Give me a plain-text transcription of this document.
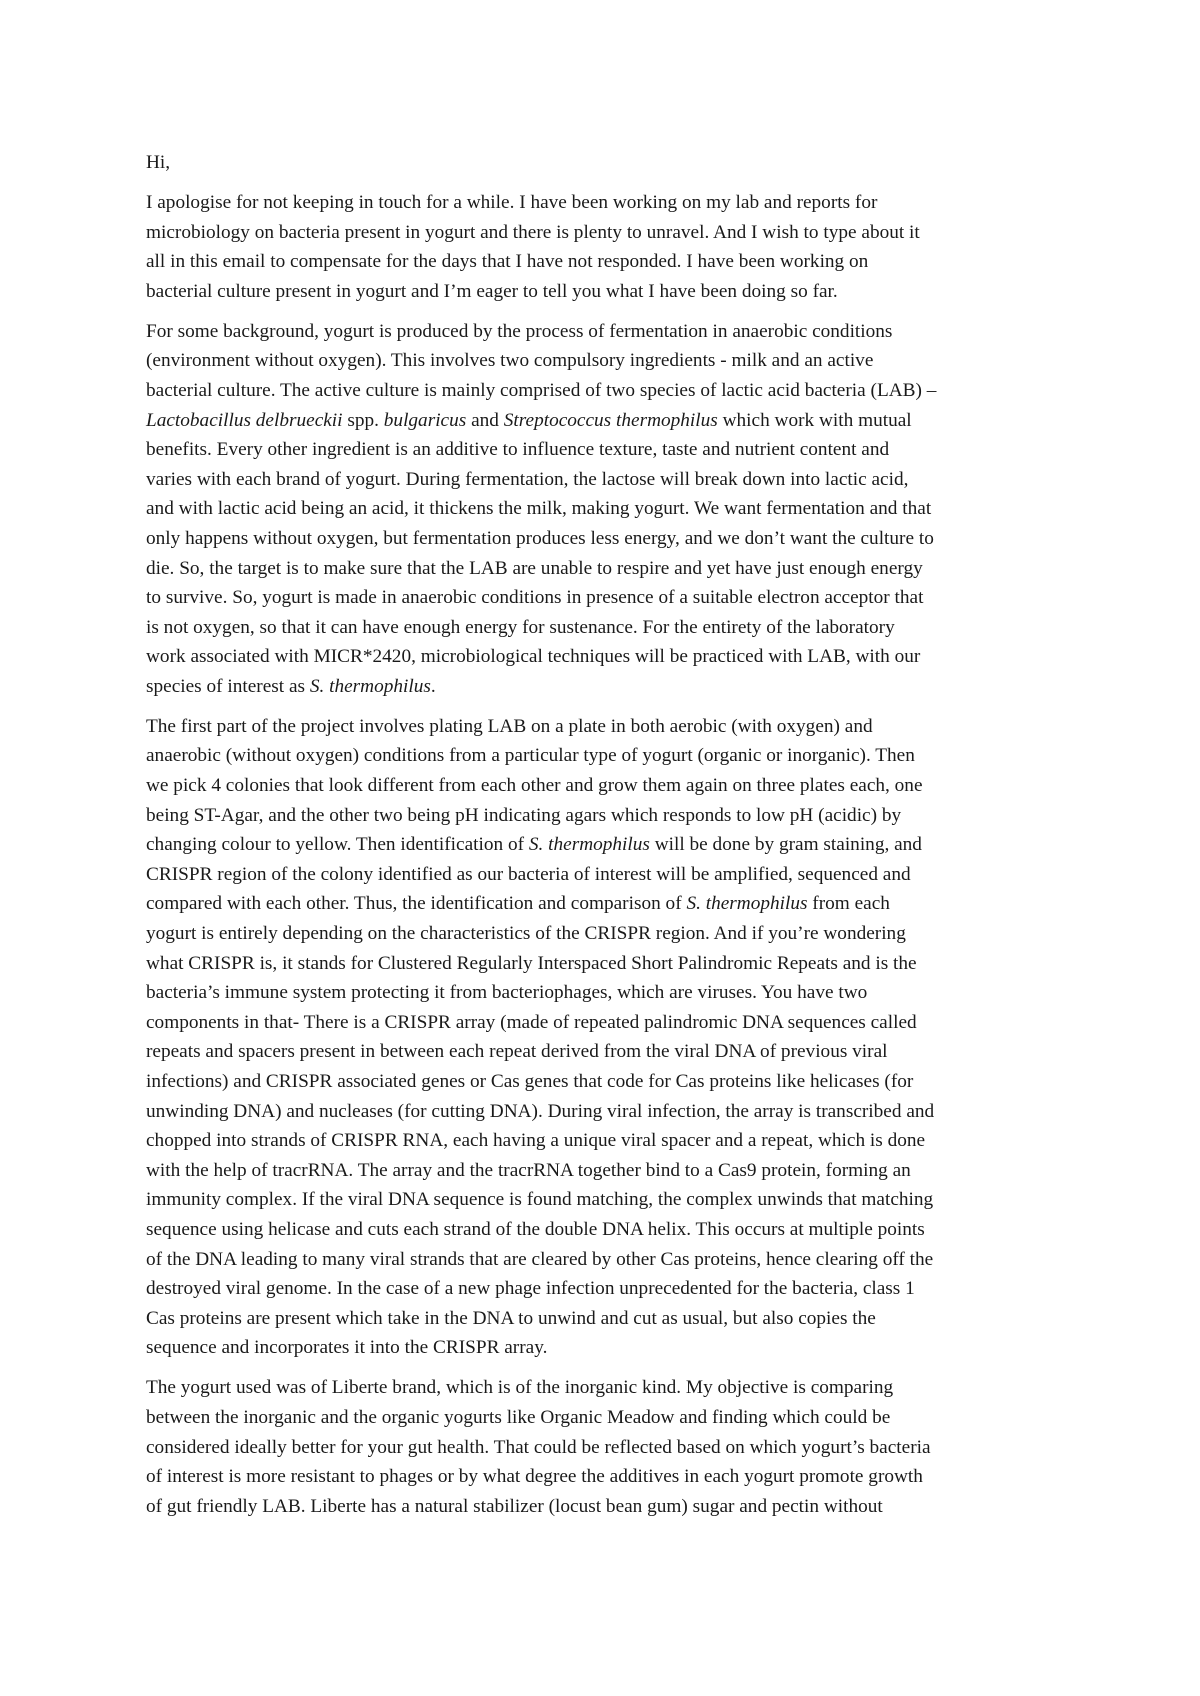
Hi,

I apologise for not keeping in touch for a while. I have been working on my lab and reports for
microbiology on bacteria present in yogurt and there is plenty to unravel. And I wish to type about it
all in this email to compensate for the days that I have not responded. I have been working on
bacterial culture present in yogurt and I’m eager to tell you what I have been doing so far.

For some background, yogurt is produced by the process of fermentation in anaerobic conditions
(environment without oxygen). This involves two compulsory ingredients - milk and an active
bacterial culture. The active culture is mainly comprised of two species of lactic acid bacteria (LAB) –
Lactobacillus delbrueckii spp. bulgaricus and Streptococcus thermophilus which work with mutual
benefits. Every other ingredient is an additive to influence texture, taste and nutrient content and
varies with each brand of yogurt. During fermentation, the lactose will break down into lactic acid,
and with lactic acid being an acid, it thickens the milk, making yogurt. We want fermentation and that
only happens without oxygen, but fermentation produces less energy, and we don’t want the culture to
die. So, the target is to make sure that the LAB are unable to respire and yet have just enough energy
to survive. So, yogurt is made in anaerobic conditions in presence of a suitable electron acceptor that
is not oxygen, so that it can have enough energy for sustenance. For the entirety of the laboratory
work associated with MICR*2420, microbiological techniques will be practiced with LAB, with our
species of interest as S. thermophilus.

The first part of the project involves plating LAB on a plate in both aerobic (with oxygen) and
anaerobic (without oxygen) conditions from a particular type of yogurt (organic or inorganic). Then
we pick 4 colonies that look different from each other and grow them again on three plates each, one
being ST-Agar, and the other two being pH indicating agars which responds to low pH (acidic) by
changing colour to yellow. Then identification of S. thermophilus will be done by gram staining, and
CRISPR region of the colony identified as our bacteria of interest will be amplified, sequenced and
compared with each other. Thus, the identification and comparison of S. thermophilus from each
yogurt is entirely depending on the characteristics of the CRISPR region. And if you’re wondering
what CRISPR is, it stands for Clustered Regularly Interspaced Short Palindromic Repeats and is the
bacteria’s immune system protecting it from bacteriophages, which are viruses. You have two
components in that- There is a CRISPR array (made of repeated palindromic DNA sequences called
repeats and spacers present in between each repeat derived from the viral DNA of previous viral
infections) and CRISPR associated genes or Cas genes that code for Cas proteins like helicases (for
unwinding DNA) and nucleases (for cutting DNA). During viral infection, the array is transcribed and
chopped into strands of CRISPR RNA, each having a unique viral spacer and a repeat, which is done
with the help of tracrRNA. The array and the tracrRNA together bind to a Cas9 protein, forming an
immunity complex. If the viral DNA sequence is found matching, the complex unwinds that matching
sequence using helicase and cuts each strand of the double DNA helix. This occurs at multiple points
of the DNA leading to many viral strands that are cleared by other Cas proteins, hence clearing off the
destroyed viral genome. In the case of a new phage infection unprecedented for the bacteria, class 1
Cas proteins are present which take in the DNA to unwind and cut as usual, but also copies the
sequence and incorporates it into the CRISPR array.

The yogurt used was of Liberte brand, which is of the inorganic kind. My objective is comparing
between the inorganic and the organic yogurts like Organic Meadow and finding which could be
considered ideally better for your gut health. That could be reflected based on which yogurt’s bacteria
of interest is more resistant to phages or by what degree the additives in each yogurt promote growth
of gut friendly LAB. Liberte has a natural stabilizer (locust bean gum) sugar and pectin without
